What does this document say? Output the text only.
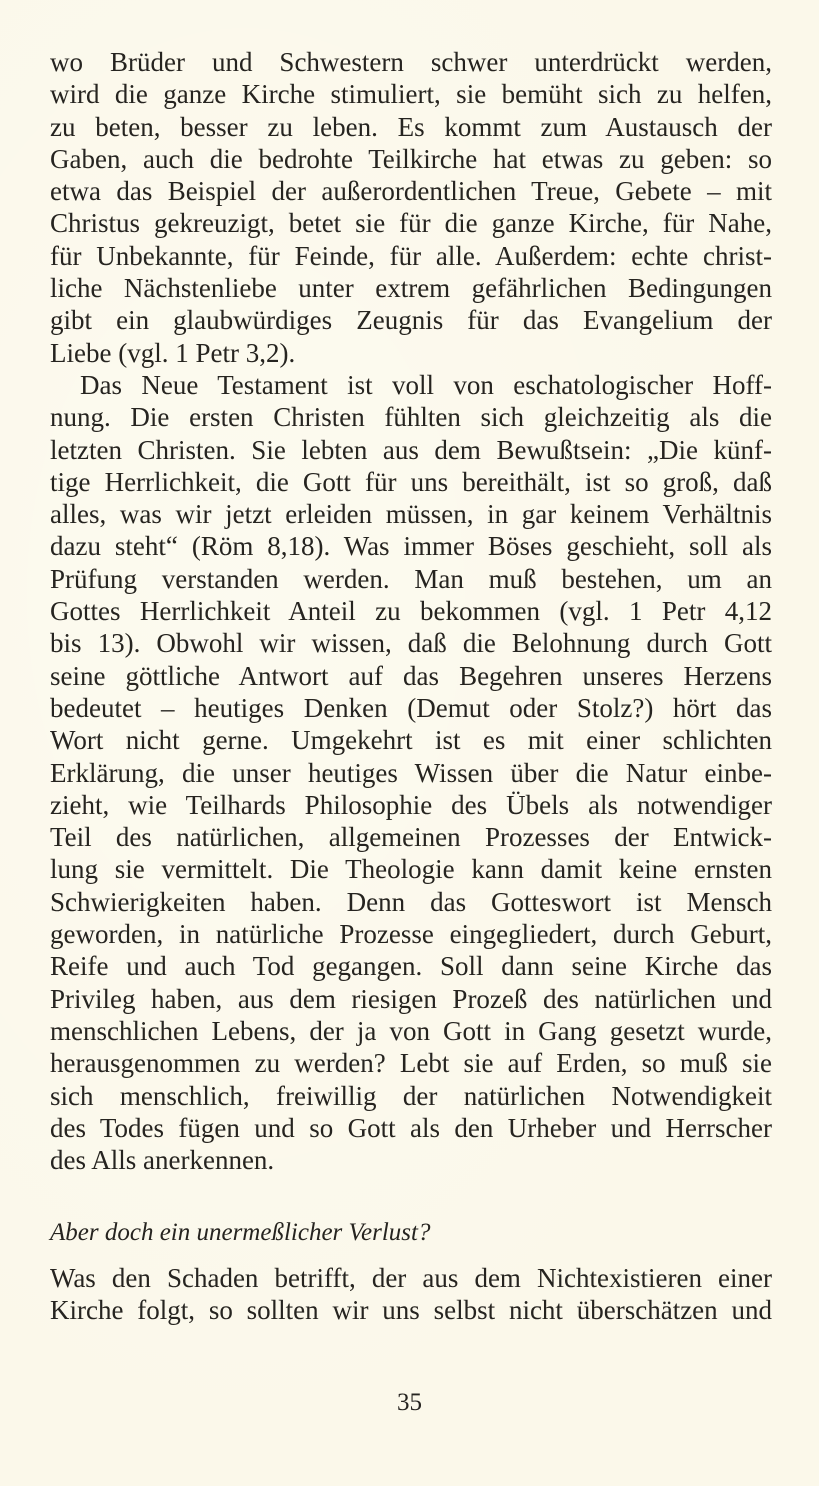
wo Brüder und Schwestern schwer unterdrückt werden,
wird die ganze Kirche stimuliert, sie bemüht sich zu helfen,
zu beten, besser zu leben. Es kommt zum Austausch der
Gaben, auch die bedrohte Teilkirche hat etwas zu geben: so
etwa das Beispiel der außerordentlichen Treue, Gebete – mit
Christus gekreuzigt, betet sie für die ganze Kirche, für Nahe,
für Unbekannte, für Feinde, für alle. Außerdem: echte christ-
liche Nächstenliebe unter extrem gefährlichen Bedingungen
gibt ein glaubwürdiges Zeugnis für das Evangelium der
Liebe (vgl. 1 Petr 3,2).
Das Neue Testament ist voll von eschatologischer Hoff-
nung. Die ersten Christen fühlten sich gleichzeitig als die
letzten Christen. Sie lebten aus dem Bewußtsein: „Die künf-
tige Herrlichkeit, die Gott für uns bereithält, ist so groß, daß
alles, was wir jetzt erleiden müssen, in gar keinem Verhältnis
dazu steht“ (Röm 8,18). Was immer Böses geschieht, soll als
Prüfung verstanden werden. Man muß bestehen, um an
Gottes Herrlichkeit Anteil zu bekommen (vgl. 1 Petr 4,12
bis 13). Obwohl wir wissen, daß die Belohnung durch Gott
seine göttliche Antwort auf das Begehren unseres Herzens
bedeutet – heutiges Denken (Demut oder Stolz?) hört das
Wort nicht gerne. Umgekehrt ist es mit einer schlichten
Erklärung, die unser heutiges Wissen über die Natur einbe-
zieht, wie Teilhards Philosophie des Übels als notwendiger
Teil des natürlichen, allgemeinen Prozesses der Entwick-
lung sie vermittelt. Die Theologie kann damit keine ernsten
Schwierigkeiten haben. Denn das Gotteswort ist Mensch
geworden, in natürliche Prozesse eingegliedert, durch Geburt,
Reife und auch Tod gegangen. Soll dann seine Kirche das
Privileg haben, aus dem riesigen Prozeß des natürlichen und
menschlichen Lebens, der ja von Gott in Gang gesetzt wurde,
herausgenommen zu werden? Lebt sie auf Erden, so muß sie
sich menschlich, freiwillig der natürlichen Notwendigkeit
des Todes fügen und so Gott als den Urheber und Herrscher
des Alls anerkennen.
Aber doch ein unermeßlicher Verlust?
Was den Schaden betrifft, der aus dem Nichtexistieren einer
Kirche folgt, so sollten wir uns selbst nicht überschätzen und
35
